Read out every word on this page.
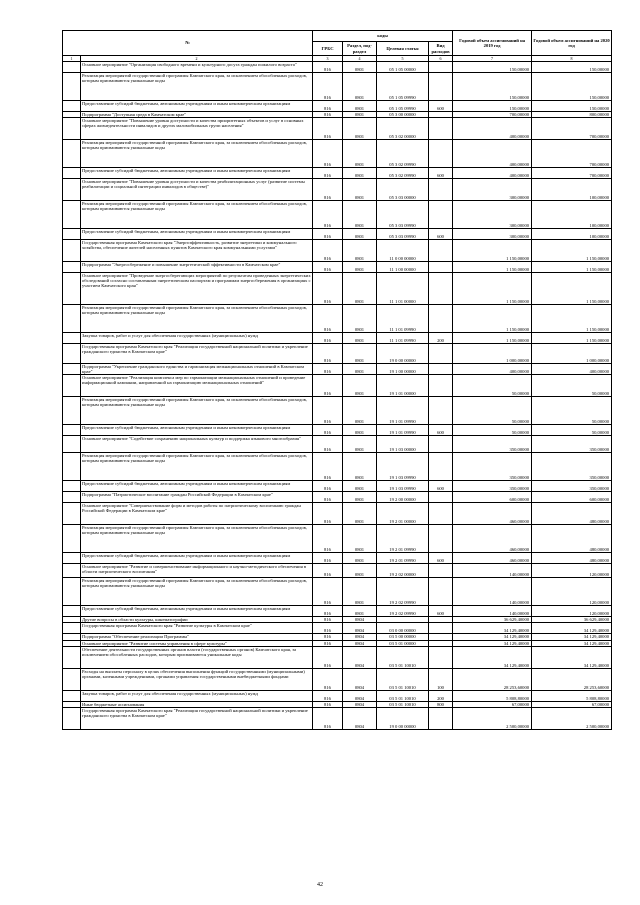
№		коды				Годовой объем ассигнований на 2019 год	Годовой объем ассигнований на 2020 год
		ГРБС	Раздел, под-раздел	Целевая статья	Вид расходов		
1	2	3	4	5	6	7	8
	Основное мероприятие "Организация свободного времени и культурного досуга граждан пожилого возраста"	816	0801	05 1 05 00000		150,00000	150,00000
	Реализация мероприятий государственной программы Камчатского края, за исключением обособленных расходов, которым присваиваются уникальные коды	816	0801	05 1 05 09990		150,00000	150,00000
	Предоставление субсидий бюджетным, автономным учреждениям и иным некоммерческим организациям	816	0801	05 1 05 09990	600	150,00000	150,00000
	Подпрограмма "Доступная среда в Камчатском крае"	816	0801	05 3 00 00000		700,00000	800,00000
	Основное мероприятие "Повышение уровня доступности и качества приоритетных объектов и услуг в основных сферах жизнедеятельности инвалидов и других маломобильных групп населения"	816	0801	05 3 02 00000		400,00000	700,00000
	Реализация мероприятий государственной программы Камчатского края, за исключением обособленных расходов, которым присваиваются уникальные коды	816	0801	05 3 02 09990		400,00000	700,00000
	Предоставление субсидий бюджетным, автономным учреждениям и иным некоммерческим организациям	816	0801	05 3 02 09990	600	400,00000	700,00000
	Основное мероприятие "Повышение уровня доступности и качества реабилитационных услуг (развитие системы реабилитации и социальной интеграции инвалидов в обществе)"	816	0801	05 3 03 00000		300,00000	100,00000
	Реализация мероприятий государственной программы Камчатского края, за исключением обособленных расходов, которым присваиваются уникальные коды	816	0801	05 3 03 09990		300,00000	100,00000
	Предоставление субсидий бюджетным, автономным учреждениям и иным некоммерческим организациям	816	0801	05 3 03 09990	600	300,00000	100,00000
	Государственная программа Камчатского края "Энергоэффективность, развитие энергетики и коммунального хозяйства, обеспечение жителей населенных пунктов Камчатского края коммунальными услугами"	816	0801	11 0 00 00000		1 150,00000	1 150,00000
	Подпрограмма "Энергосбережение и повышение энергетической эффективности в Камчатском крае"	816	0801	11 1 00 00000		1 150,00000	1 150,00000
	Основное мероприятие "Проведение энергосберегающих мероприятий по результатам проведенных энергетических обследований согласно составленным энергетическим паспортам и программам энергосбережения в организациях с участием Камчатского края"	816	0801	11 1 01 00000		1 150,00000	1 150,00000
	Реализация мероприятий государственной программы Камчатского края, за исключением обособленных расходов, которым присваиваются уникальные коды	816	0801	11 1 01 09990		1 150,00000	1 150,00000
	Закупка товаров, работ и услуг для обеспечения государственных (муниципальных) нужд	816	0801	11 1 01 09990	200	1 150,00000	1 150,00000
	Государственная программа Камчатского края "Реализация государственной национальной политики и укрепление гражданского единства в Камчатском крае"	816	0801	19 0 00 00000		1 000,00000	1 000,00000
	Подпрограмма "Укрепление гражданского единства и гармонизация межнациональных отношений в Камчатском крае"	816	0801	19 1 00 00000		400,00000	400,00000
	Основное мероприятие "Реализация комплекса мер по гармонизации межнациональных отношений и проведение информационной кампании, направленной на гармонизацию межнациональных отношений"	816	0801	19 1 01 00000		50,00000	50,00000
	Реализация мероприятий государственной программы Камчатского края, за исключением обособленных расходов, которым присваиваются уникальные коды	816	0801	19 1 01 09990		50,00000	50,00000
	Предоставление субсидий бюджетным, автономным учреждениям и иным некоммерческим организациям	816	0801	19 1 01 09990	600	50,00000	50,00000
	Основное мероприятие "Содействие сохранению национальных культур и поддержка языкового многообразия"	816	0801	19 1 03 00000		350,00000	350,00000
	Реализация мероприятий государственной программы Камчатского края, за исключением обособленных расходов, которым присваиваются уникальные коды	816	0801	19 1 03 09990		350,00000	350,00000
	Предоставление субсидий бюджетным, автономным учреждениям и иным некоммерческим организациям	816	0801	19 1 03 09990	600	350,00000	350,00000
	Подпрограмма "Патриотическое воспитание граждан Российской Федерации в Камчатском крае"	816	0801	19 2 00 00000		600,00000	600,00000
	Основное мероприятие "Совершенствование форм и методов работы по патриотическому воспитанию граждан Российской Федерации в Камчатском крае"	816	0801	19 2 01 00000		460,00000	480,00000
	Реализация мероприятий государственной программы Камчатского края, за исключением обособленных расходов, которым присваиваются уникальные коды	816	0801	19 2 01 09990		460,00000	480,00000
	Предоставление субсидий бюджетным, автономным учреждениям и иным некоммерческим организациям	816	0801	19 2 01 09990	600	460,00000	480,00000
	Основное мероприятие "Развитие и совершенствование информационного и научно-методического обеспечения в области патриотического воспитания"	816	0801	19 2 02 00000		140,00000	120,00000
	Реализация мероприятий государственной программы Камчатского края, за исключением обособленных расходов, которым присваиваются уникальные коды	816	0801	19 2 02 09990		140,00000	120,00000
	Предоставление субсидий бюджетным, автономным учреждениям и иным некоммерческим организациям	816	0801	19 2 02 09990	600	140,00000	120,00000
	Другие вопросы в области культуры, кинематографии	816	0804			36 629,40000	36 629,40000
	Государственная программа Камчатского края "Развитие культуры в Камчатском крае"	816	0804	03 0 00 00000		34 129,40000	34 129,40000
	Подпрограмма "Обеспечение реализации Программы"	816	0804	03 5 00 00000		34 129,40000	34 129,40000
	Основное мероприятие "Развитие системы управления в сфере культуры"	816	0804	03 5 01 00000		34 129,40000	34 129,40000
	Обеспечение деятельности государственных органов власти (государственных органов) Камчатского края, за исключением обособленных расходов, которым присваиваются уникальные коды	816	0804	03 5 01 10010		34 129,40000	34 129,40000
	Расходы на выплаты персоналу в целях обеспечения выполнения функций государственными (муниципальными) органами, казенными учреждениями, органами управления государственными внебюджетными фондами	816	0804	03 5 01 10010	100	28 253,60000	28 253,60000
	Закупка товаров, работ и услуг для обеспечения государственных (муниципальных) нужд	816	0804	03 5 01 10010	200	5 808,80000	5 808,80000
	Иные бюджетные ассигнования	816	0804	03 5 01 10010	800	67,00000	67,00000
	Государственная программа Камчатского края "Реализация государственной национальной политики и укрепление гражданского единства в Камчатском крае"	816	0804	19 0 00 00000		2 500,00000	2 500,00000
42
